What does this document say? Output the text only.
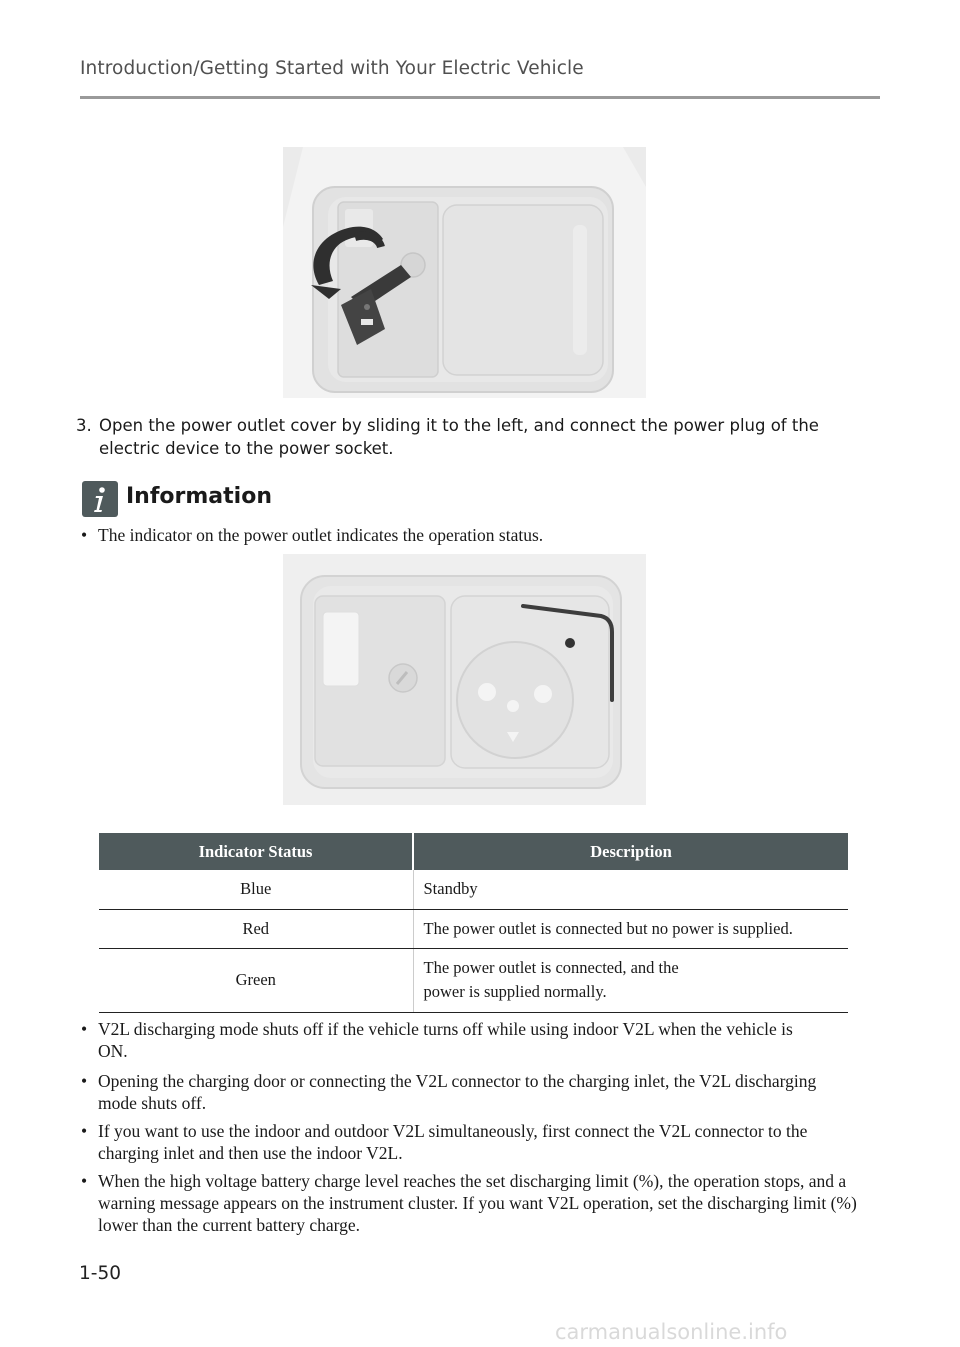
Introduction/Getting Started with Your Electric Vehicle
3. Open the power outlet cover by sliding it to the left, and connect the power plug of the electric device to the power socket.
Information
• The indicator on the power outlet indicates the operation status.
Indicator Status	Description
Blue	Standby
Red	The power outlet is connected but no power is supplied.
Green	The power outlet is connected, and the power is supplied normally.
• V2L discharging mode shuts off if the vehicle turns off while using indoor V2L when the vehicle is ON.
• Opening the charging door or connecting the V2L connector to the charging inlet, the V2L discharging mode shuts off.
• If you want to use the indoor and outdoor V2L simultaneously, first connect the V2L connector to the charging inlet and then use the indoor V2L.
• When the high voltage battery charge level reaches the set discharging limit (%), the operation stops, and a warning message appears on the instrument cluster. If you want V2L operation, set the discharging limit (%) lower than the current battery charge.
1-50
carmanualsonline.info
